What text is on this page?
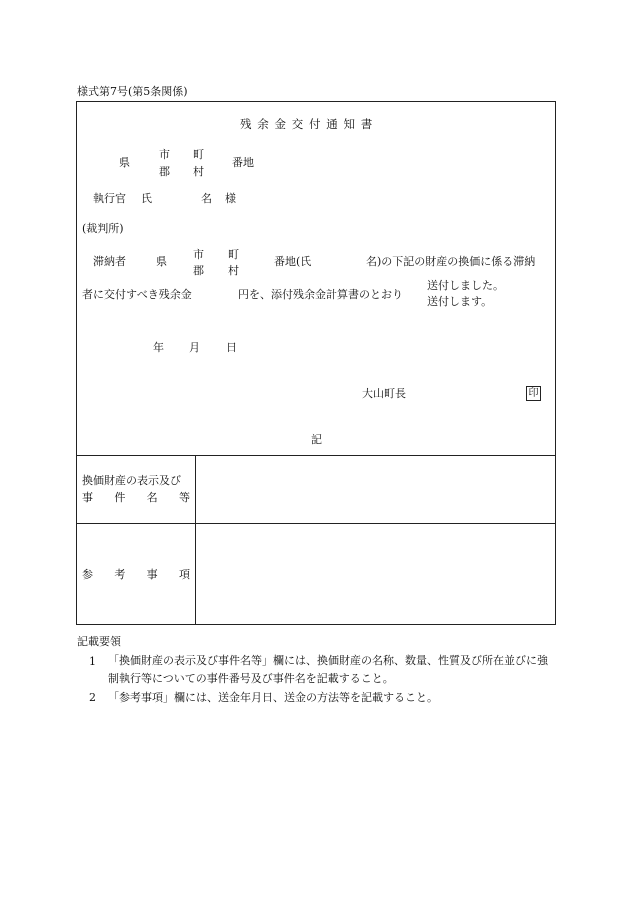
様式第7号(第5条関係)
残余金交付通知書
県
市
郡
町
村
番地
執行官 氏	名 様
(裁判所)
滞納者	県
市
郡
町
村
番地(氏	名)の下記の財産の換価に係る滞納
者に交付すべき残余金	円を、添付残余金計算書のとおり
送付しました。
送付します。
年 月 日
大山町長	印
記
換価財産の表示及び
事 件 名 等
参 考 事 項
記載要領
1 「換価財産の表示及び事件名等」欄には、換価財産の名称、数量、性質及び所在並びに強制執行等についての事件番号及び事件名を記載すること。
2 「参考事項」欄には、送金年月日、送金の方法等を記載すること。
